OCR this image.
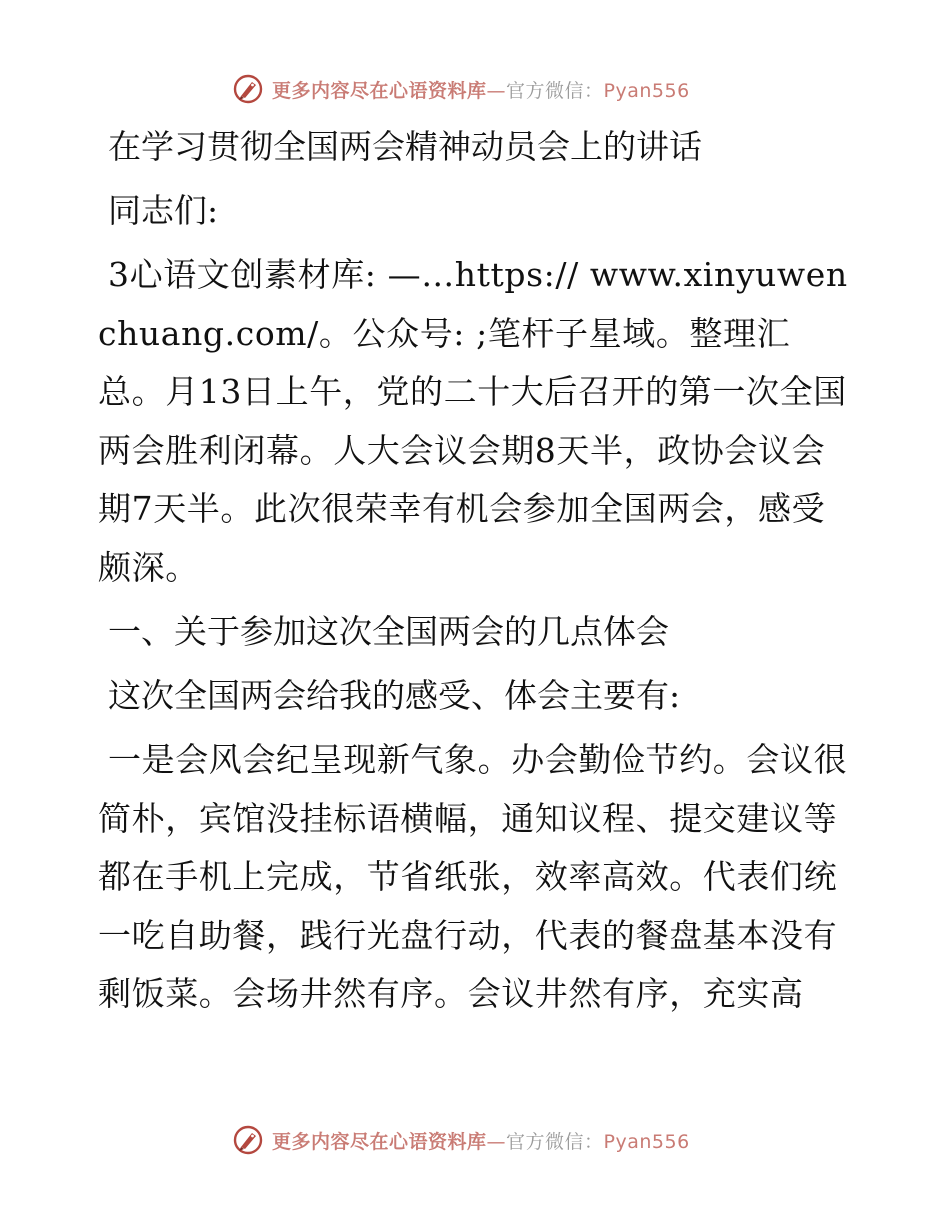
更多内容尽在心语资料库—官方微信：Pyan556

在学习贯彻全国两会精神动员会上的讲话

同志们:

3心语文创素材库: —…https:// www.xinyuwenchuang.com/。公众号: ;笔杆子星域。整理汇总。月13日上午，党的二十大后召开的第一次全国两会胜利闭幕。人大会议会期8天半，政协会议会期7天半。此次很荣幸有机会参加全国两会，感受颇深。

一、关于参加这次全国两会的几点体会

这次全国两会给我的感受、体会主要有:

一是会风会纪呈现新气象。办会勤俭节约。会议很简朴，宾馆没挂标语横幅，通知议程、提交建议等都在手机上完成，节省纸张，效率高效。代表们统一吃自助餐，践行光盘行动，代表的餐盘基本没有剩饭菜。会场井然有序。会议井然有序，充实高

更多内容尽在心语资料库—官方微信：Pyan556
